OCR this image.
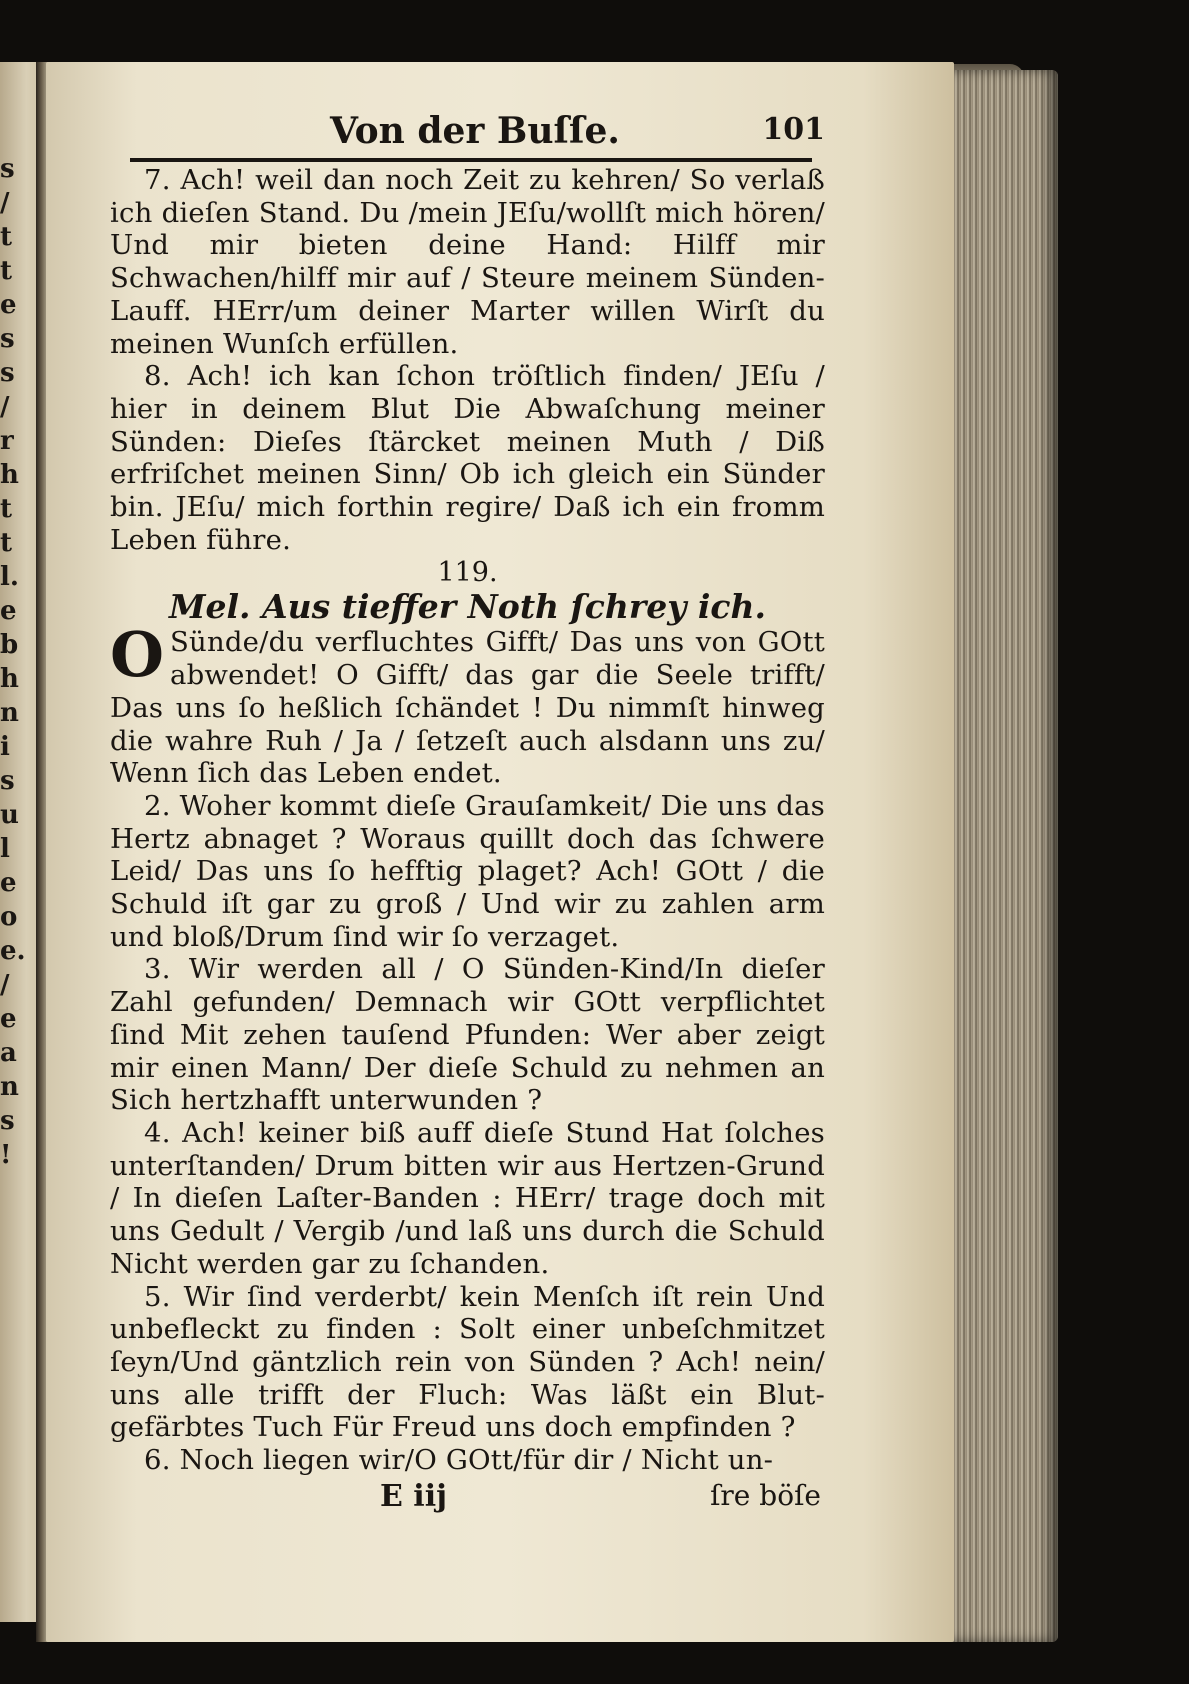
s
/
t
t
e
s
s
/
r
h
t
t
l.
e
b
h
n
i
s
u
l
e
o
e.
/
e
a
n
s
!
Von der Buſſe.	101

7. Ach! weil dan noch Zeit zu kehren/ So verlaß ich dieſen Stand. Du /mein JEſu/wollſt mich hören/ Und mir bieten deine Hand: Hilff mir Schwachen/hilff mir auf / Steure meinem Sünden-Lauff. HErr/um deiner Marter willen Wirſt du meinen Wunſch erfüllen.

8. Ach! ich kan ſchon tröſtlich finden/ JEſu / hier in deinem Blut Die Abwaſchung meiner Sünden: Dieſes ſtärcket meinen Muth / Diß erfriſchet meinen Sinn/ Ob ich gleich ein Sünder bin. JEſu/ mich forthin regire/ Daß ich ein fromm Leben führe.

119.
Mel. Aus tieffer Noth ſchrey ich.
O Sünde/du verfluchtes Gifft/ Das uns von GOtt abwendet! O Gifft/ das gar die Seele trifft/ Das uns ſo heßlich ſchändet ! Du nimmſt hinweg die wahre Ruh / Ja / ſetzeſt auch alsdann uns zu/ Wenn ſich das Leben endet.

2. Woher kommt dieſe Grauſamkeit/ Die uns das Hertz abnaget ? Woraus quillt doch das ſchwere Leid/ Das uns ſo hefftig plaget? Ach! GOtt / die Schuld iſt gar zu groß / Und wir zu zahlen arm und bloß/Drum ſind wir ſo verzaget.

3. Wir werden all / O Sünden-Kind/In dieſer Zahl gefunden/ Demnach wir GOtt verpflichtet ſind Mit zehen tauſend Pfunden: Wer aber zeigt mir einen Mann/ Der dieſe Schuld zu nehmen an Sich hertzhafft unterwunden ?

4. Ach! keiner biß auff dieſe Stund Hat ſolches unterſtanden/ Drum bitten wir aus Hertzen-Grund / In dieſen Laſter-Banden : HErr/ trage doch mit uns Gedult / Vergib /und laß uns durch die Schuld Nicht werden gar zu ſchanden.

5. Wir ſind verderbt/ kein Menſch iſt rein Und unbefleckt zu finden : Solt einer unbeſchmitzet ſeyn/Und gäntzlich rein von Sünden ? Ach! nein/ uns alle trifft der Fluch: Was läßt ein Blut-gefärbtes Tuch Für Freud uns doch empfinden ?

6. Noch liegen wir/O GOtt/für dir / Nicht un-

E iij	ſre böſe
